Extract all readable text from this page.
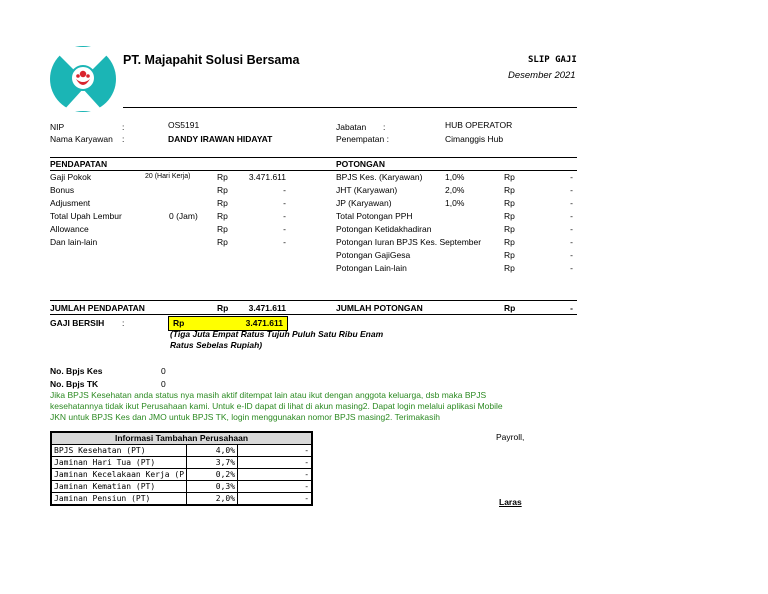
PT. Majapahit Solusi Bersama	SLIP GAJI
Desember 2021
NIP	:	OS5191
Nama Karyawan :	DANDY IRAWAN HIDAYAT
Jabatan :	HUB OPERATOR
Penempatan :	Cimanggis Hub
PENDAPATAN	POTONGAN
Gaji Pokok	20 (Hari Kerja)	Rp	3.471.611
Bonus	Rp	-
Adjusment	Rp	-
Total Upah Lembur	0 (Jam) Rp	-
Allowance	Rp	-
Dan lain-lain	Rp	-
BPJS Kes. (Karyawan)	1,0%	Rp	-
JHT (Karyawan)	2,0%	Rp	-
JP (Karyawan)	1,0%	Rp	-
Total Potongan PPH	Rp	-
Potongan Ketidakhadiran	Rp	-
Potongan Iuran BPJS Kes. September	Rp	-
Potongan GajiGesa	Rp	-
Potongan Lain-lain	Rp	-
JUMLAH PENDAPATAN	Rp	3.471.611	JUMLAH POTONGAN	Rp	-
GAJI BERSIH :	Rp	3.471.611
(Tiga Juta Empat Ratus Tujuh Puluh Satu Ribu Enam Ratus Sebelas Rupiah)
No. Bpjs Kes	0
No. Bpjs TK	0
Jika BPJS Kesehatan anda status nya masih aktif ditempat lain atau ikut dengan anggota keluarga, dsb maka BPJS
kesehatannya tidak ikut Perusahaan kami. Untuk e-ID dapat di lihat di akun masing2. Dapat login melalui aplikasi Mobile
JKN untuk BPJS Kes dan JMO untuk BPJS TK, login menggunakan nomor BPJS masing2. Terimakasih
Informasi Tambahan Perusahaan		
BPJS Kesehatan (PT)	4,0%	-
Jaminan Hari Tua (PT)	3,7%	-
Jaminan Kecelakaan Kerja (P	0,2%	-
Jaminan Kematian (PT)	0,3%	-
Jaminan Pensiun (PT)	2,0%	-
Payroll,
Laras
